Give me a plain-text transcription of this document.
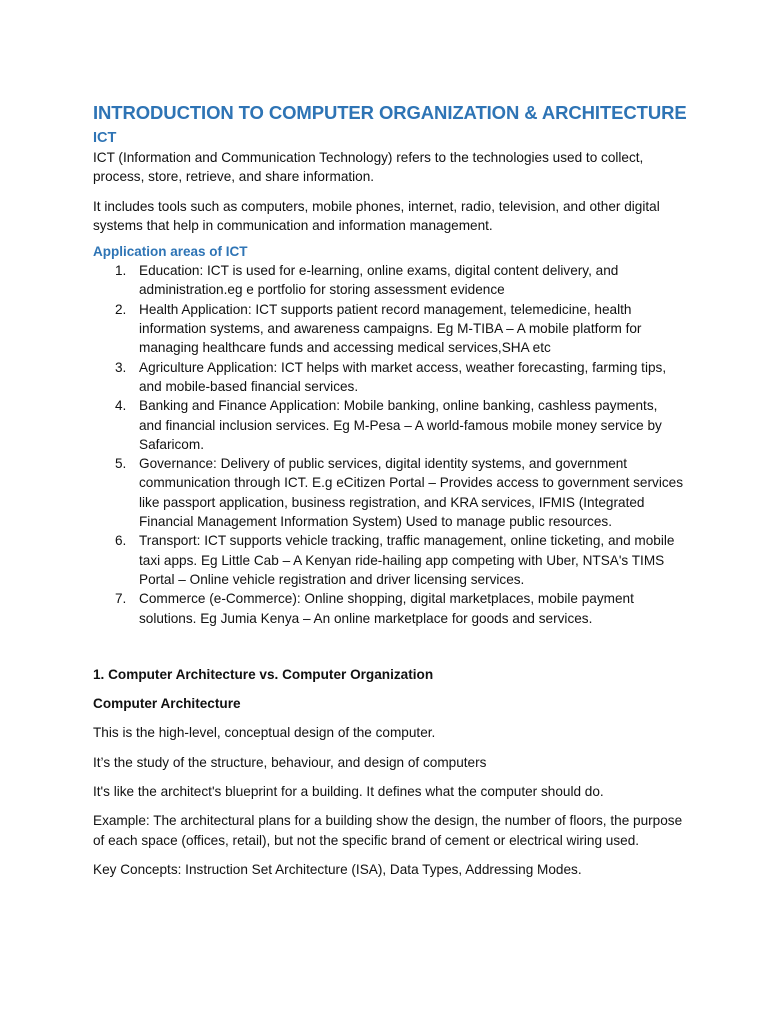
INTRODUCTION TO COMPUTER ORGANIZATION & ARCHITECTURE
ICT

ICT (Information and Communication Technology) refers to the technologies used to collect, process, store, retrieve, and share information.

It includes tools such as computers, mobile phones, internet, radio, television, and other digital systems that help in communication and information management.

Application areas of ICT
1. Education: ICT is used for e-learning, online exams, digital content delivery, and administration.eg e portfolio for storing assessment evidence
2. Health Application: ICT supports patient record management, telemedicine, health information systems, and awareness campaigns. Eg M-TIBA – A mobile platform for managing healthcare funds and accessing medical services,SHA etc
3. Agriculture Application: ICT helps with market access, weather forecasting, farming tips, and mobile-based financial services.
4. Banking and Finance Application: Mobile banking, online banking, cashless payments, and financial inclusion services. Eg M-Pesa – A world-famous mobile money service by Safaricom.
5. Governance: Delivery of public services, digital identity systems, and government communication through ICT. E.g eCitizen Portal – Provides access to government services like passport application, business registration, and KRA services, IFMIS (Integrated Financial Management Information System) Used to manage public resources.
6. Transport: ICT supports vehicle tracking, traffic management, online ticketing, and mobile taxi apps. Eg Little Cab – A Kenyan ride-hailing app competing with Uber, NTSA's TIMS Portal – Online vehicle registration and driver licensing services.
7. Commerce (e-Commerce): Online shopping, digital marketplaces, mobile payment solutions. Eg Jumia Kenya – An online marketplace for goods and services.

1. Computer Architecture vs. Computer Organization

Computer Architecture

This is the high-level, conceptual design of the computer.

It’s the study of the structure, behaviour, and design of computers

It's like the architect's blueprint for a building. It defines what the computer should do.

Example: The architectural plans for a building show the design, the number of floors, the purpose of each space (offices, retail), but not the specific brand of cement or electrical wiring used.

Key Concepts: Instruction Set Architecture (ISA), Data Types, Addressing Modes.
